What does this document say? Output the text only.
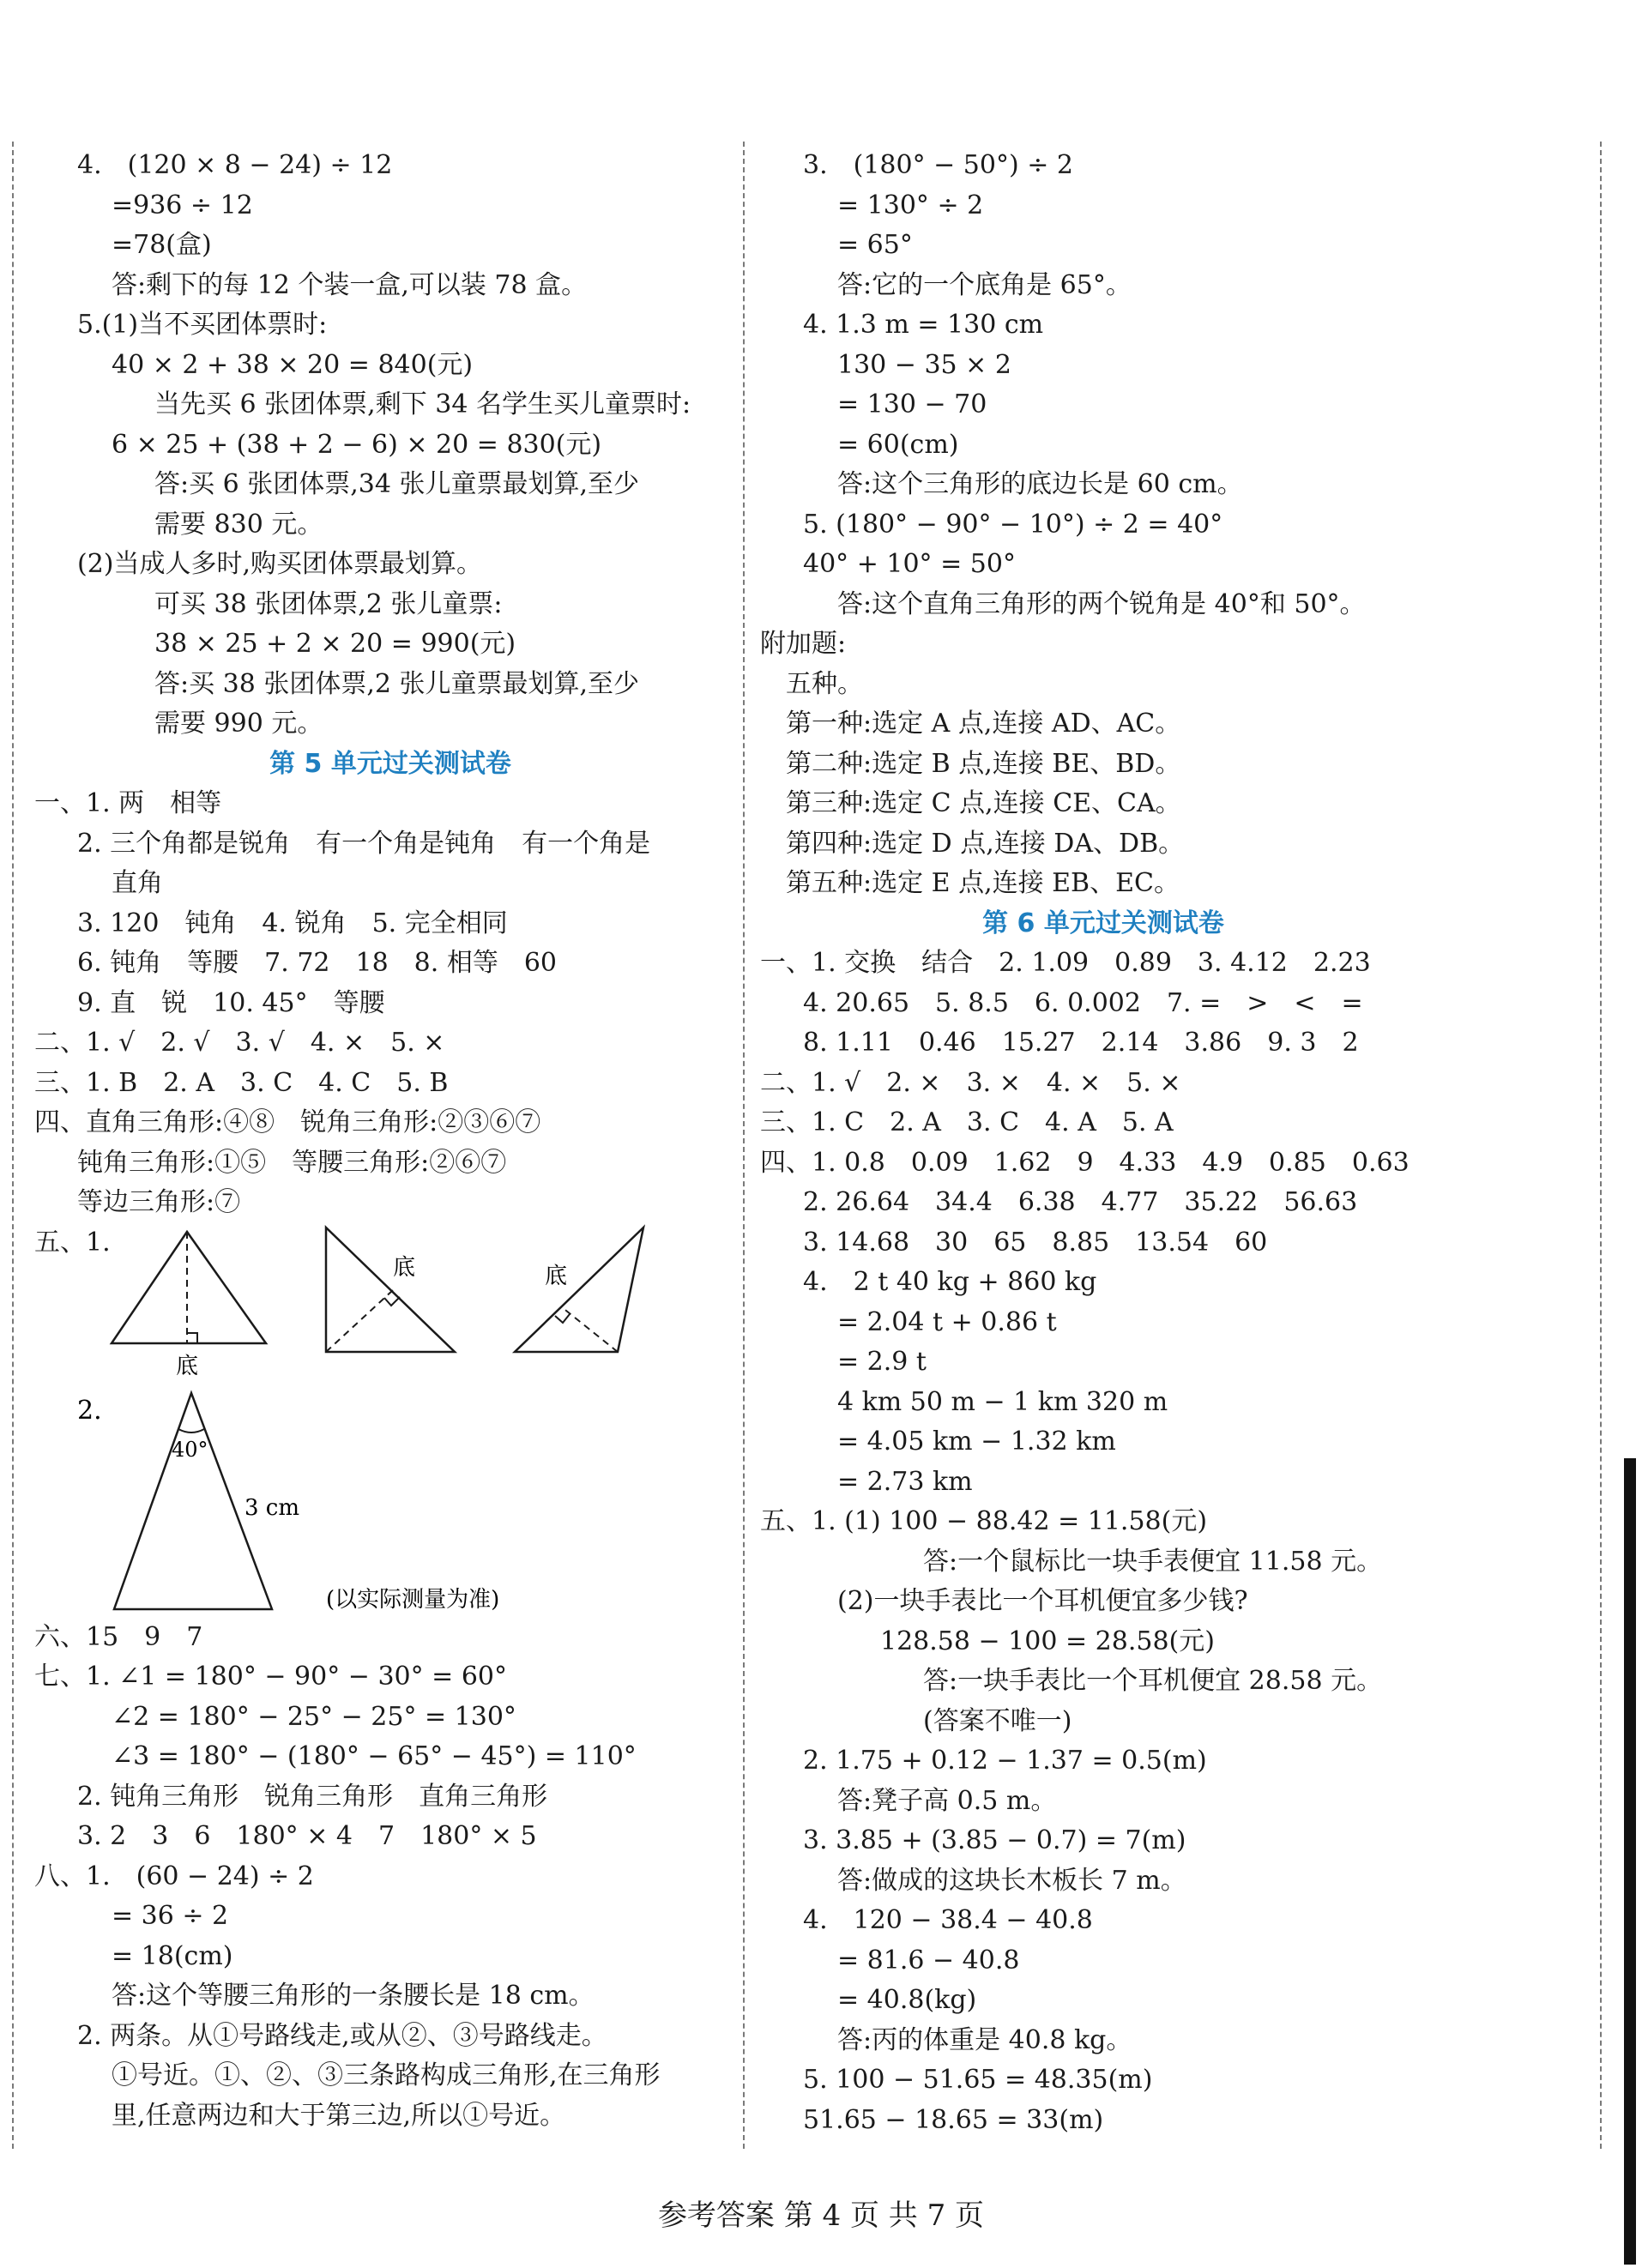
4.　(120 × 8 − 24) ÷ 12
=936 ÷ 12
=78(盒)
答:剩下的每 12 个装一盒,可以装 78 盒。
5.(1)当不买团体票时:
40 × 2 + 38 × 20 = 840(元)
当先买 6 张团体票,剩下 34 名学生买儿童票时:
6 × 25 + (38 + 2 − 6) × 20 = 830(元)
答:买 6 张团体票,34 张儿童票最划算,至少
需要 830 元。
(2)当成人多时,购买团体票最划算。
可买 38 张团体票,2 张儿童票:
38 × 25 + 2 × 20 = 990(元)
答:买 38 张团体票,2 张儿童票最划算,至少
需要 990 元。
第 5 单元过关测试卷
一、1. 两　相等
2. 三个角都是锐角　有一个角是钝角　有一个角是
直角
3. 120　钝角　4. 锐角　5. 完全相同
6. 钝角　等腰　7. 72　18　8. 相等　60
9. 直　锐　10. 45°　等腰
二、1. √　2. √　3. √　4. ×　5. ×
三、1. B　2. A　3. C　4. C　5. B
四、直角三角形:④⑧　锐角三角形:②③⑥⑦
钝角三角形:①⑤　等腰三角形:②⑥⑦
等边三角形:⑦
五、1.
底
底	底
2.
40°
3 cm
(以实际测量为准)
六、15　9　7
七、1. ∠1 = 180° − 90° − 30° = 60°
∠2 = 180° − 25° − 25° = 130°
∠3 = 180° − (180° − 65° − 45°) = 110°
2. 钝角三角形　锐角三角形　直角三角形
3. 2　3　6　180° × 4　7　180° × 5
八、1.　(60 − 24) ÷ 2
= 36 ÷ 2
= 18(cm)
答:这个等腰三角形的一条腰长是 18 cm。
2. 两条。从①号路线走,或从②、③号路线走。
①号近。①、②、③三条路构成三角形,在三角形
里,任意两边和大于第三边,所以①号近。
3.　(180° − 50°) ÷ 2
= 130° ÷ 2
= 65°
答:它的一个底角是 65°。
4. 1.3 m = 130 cm
130 − 35 × 2
= 130 − 70
= 60(cm)
答:这个三角形的底边长是 60 cm。
5. (180° − 90° − 10°) ÷ 2 = 40°
40° + 10° = 50°
答:这个直角三角形的两个锐角是 40°和 50°。
附加题:
五种。
第一种:选定 A 点,连接 AD、AC。
第二种:选定 B 点,连接 BE、BD。
第三种:选定 C 点,连接 CE、CA。
第四种:选定 D 点,连接 DA、DB。
第五种:选定 E 点,连接 EB、EC。
第 6 单元过关测试卷
一、1. 交换　结合　2. 1.09　0.89　3. 4.12　2.23
4. 20.65　5. 8.5　6. 0.002　7. =　>　<　=
8. 1.11　0.46　15.27　2.14　3.86　9. 3　2
二、1. √　2. ×　3. ×　4. ×　5. ×
三、1. C　2. A　3. C　4. A　5. A
四、1. 0.8　0.09　1.62　9　4.33　4.9　0.85　0.63
2. 26.64　34.4　6.38　4.77　35.22　56.63
3. 14.68　30　65　8.85　13.54　60
4.　2 t 40 kg + 860 kg
= 2.04 t + 0.86 t
= 2.9 t
4 km 50 m − 1 km 320 m
= 4.05 km − 1.32 km
= 2.73 km
五、1. (1) 100 − 88.42 = 11.58(元)
答:一个鼠标比一块手表便宜 11.58 元。
(2)一块手表比一个耳机便宜多少钱?
128.58 − 100 = 28.58(元)
答:一块手表比一个耳机便宜 28.58 元。
(答案不唯一)
2. 1.75 + 0.12 − 1.37 = 0.5(m)
答:凳子高 0.5 m。
3. 3.85 + (3.85 − 0.7) = 7(m)
答:做成的这块长木板长 7 m。
4.　120 − 38.4 − 40.8
= 81.6 − 40.8
= 40.8(kg)
答:丙的体重是 40.8 kg。
5. 100 − 51.65 = 48.35(m)
51.65 − 18.65 = 33(m)
参考答案 第 4 页 共 7 页
